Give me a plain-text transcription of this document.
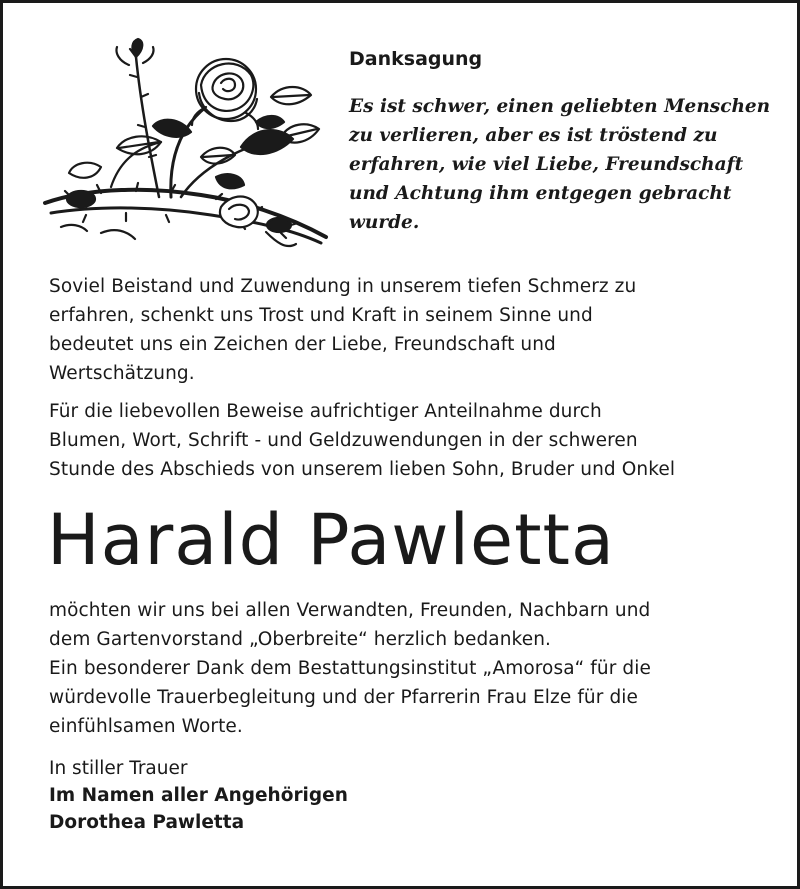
Danksagung
Es ist schwer, einen geliebten Menschen
zu verlieren, aber es ist tröstend zu
erfahren, wie viel Liebe, Freundschaft
und Achtung ihm entgegen gebracht
wurde.
Soviel Beistand und Zuwendung in unserem tiefen Schmerz zu
erfahren, schenkt uns Trost und Kraft in seinem Sinne und
bedeutet uns ein Zeichen der Liebe, Freundschaft und
Wertschätzung.
Für die liebevollen Beweise aufrichtiger Anteilnahme durch
Blumen, Wort, Schrift - und Geldzuwendungen in der schweren
Stunde des Abschieds von unserem lieben Sohn, Bruder und Onkel
Harald Pawletta
möchten wir uns bei allen Verwandten, Freunden, Nachbarn und
dem Gartenvorstand „Oberbreite“ herzlich bedanken.
Ein besonderer Dank dem Bestattungsinstitut „Amorosa“ für die
würdevolle Trauerbegleitung und der Pfarrerin Frau Elze für die
einfühlsamen Worte.
In stiller Trauer
Im Namen aller Angehörigen
Dorothea Pawletta
